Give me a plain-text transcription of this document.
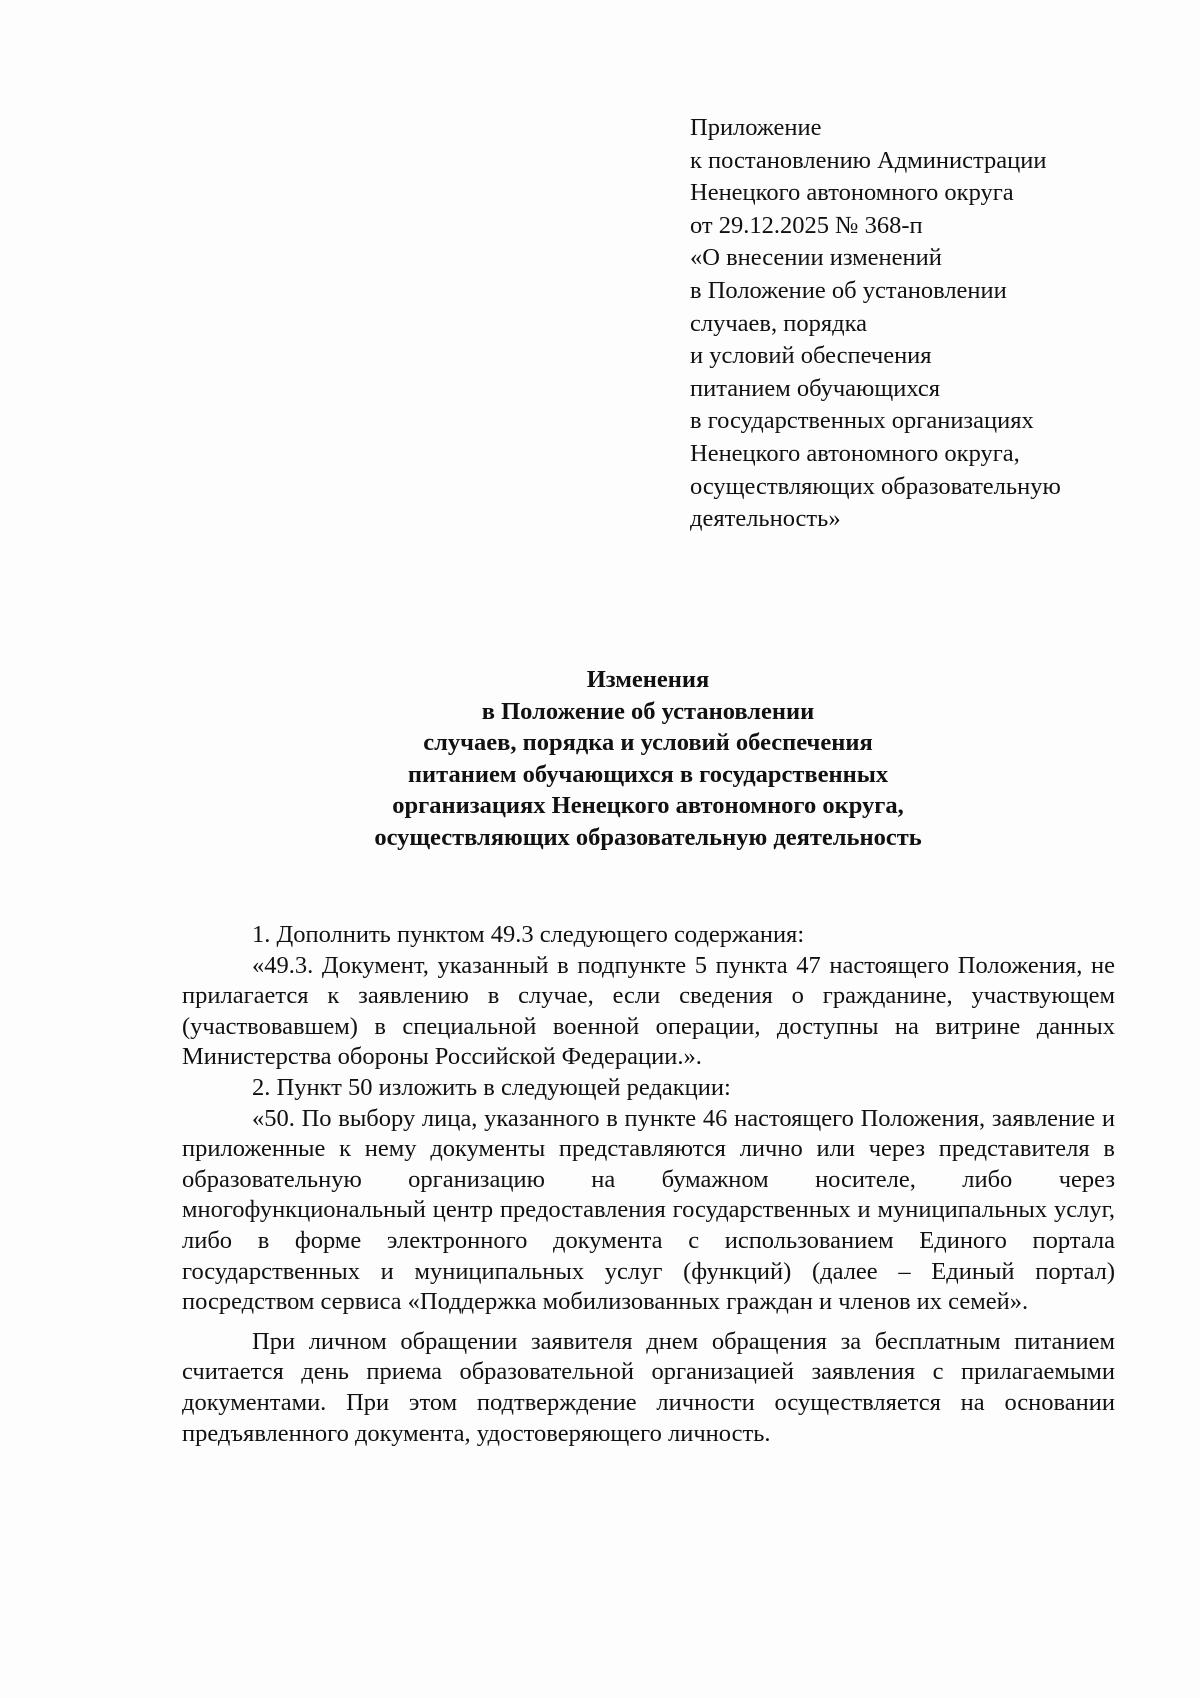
Приложение
к постановлению Администрации
Ненецкого автономного округа
от 29.12.2025 № 368-п
«О внесении изменений
в Положение об установлении
случаев, порядка
и условий обеспечения
питанием обучающихся
в государственных организациях
Ненецкого автономного округа,
осуществляющих образовательную
деятельность»
Изменения
в Положение об установлении
случаев, порядка и условий обеспечения
питанием обучающихся в государственных
организациях Ненецкого автономного округа,
осуществляющих образовательную деятельность

1. Дополнить пунктом 49.3 следующего содержания:

«49.3. Документ, указанный в подпункте 5 пункта 47 настоящего Положения, не прилагается к заявлению в случае, если сведения о гражданине, участвующем (участвовавшем) в специальной военной операции, доступны на витрине данных Министерства обороны Российской Федерации.».

2. Пункт 50 изложить в следующей редакции:

«50. По выбору лица, указанного в пункте 46 настоящего Положения, заявление и приложенные к нему документы представляются лично или через представителя в образовательную организацию на бумажном носителе, либо через многофункциональный центр предоставления государственных и муниципальных услуг, либо в форме электронного документа с использованием Единого портала государственных и муниципальных услуг (функций) (далее – Единый портал) посредством сервиса «Поддержка мобилизованных граждан и членов их семей».

При личном обращении заявителя днем обращения за бесплатным питанием считается день приема образовательной организацией заявления с прилагаемыми документами. При этом подтверждение личности осуществляется на основании предъявленного документа, удостоверяющего личность.
